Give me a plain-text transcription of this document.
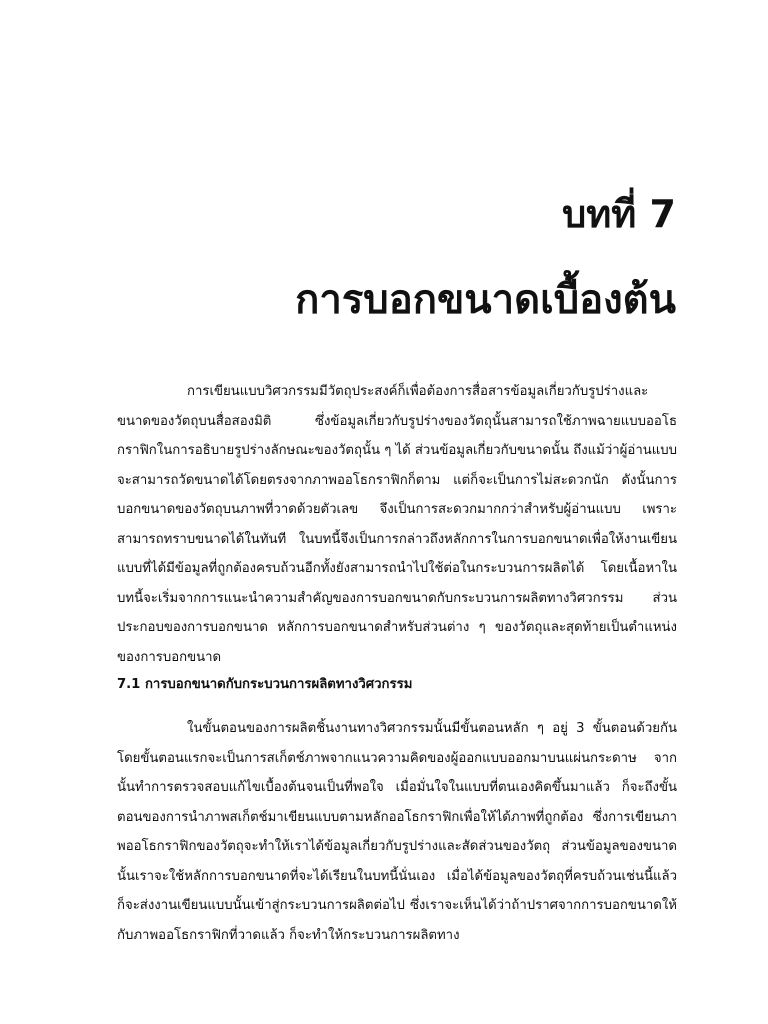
บทที่ 7
การบอกขนาดเบื้องต้น

การเขียนแบบวิศวกรรมมีวัตถุประสงค์ก็เพื่อต้องการสื่อสารข้อมูลเกี่ยวกับรูปร่างและขนาดของวัตถุบนสื่อสองมิติ ซึ่งข้อมูลเกี่ยวกับรูปร่างของวัตถุนั้นสามารถใช้ภาพฉายแบบออโธกราฟิกในการอธิบายรูปร่างลักษณะของวัตถุนั้น ๆ ได้ ส่วนข้อมูลเกี่ยวกับขนาดนั้น ถึงแม้ว่าผู้อ่านแบบจะสามารถวัดขนาดได้โดยตรงจากภาพออโธกราฟิกก็ตาม แต่ก็จะเป็นการไม่สะดวกนัก ดังนั้นการบอกขนาดของวัตถุบนภาพที่วาดด้วยตัวเลข จึงเป็นการสะดวกมากกว่าสำหรับผู้อ่านแบบ เพราะสามารถทราบขนาดได้ในทันที ในบทนี้จึงเป็นการกล่าวถึงหลักการในการบอกขนาดเพื่อให้งานเขียนแบบที่ได้มีข้อมูลที่ถูกต้องครบถ้วนอีกทั้งยังสามารถนำไปใช้ต่อในกระบวนการผลิตได้ โดยเนื้อหาในบทนี้จะเริ่มจากการแนะนำความสำคัญของการบอกขนาดกับกระบวนการผลิตทางวิศวกรรม ส่วนประกอบของการบอกขนาด หลักการบอกขนาดสำหรับส่วนต่าง ๆ ของวัตถุและสุดท้ายเป็นตำแหน่งของการบอกขนาด

7.1 การบอกขนาดกับกระบวนการผลิตทางวิศวกรรม

ในขั้นตอนของการผลิตชิ้นงานทางวิศวกรรมนั้นมีขั้นตอนหลัก ๆ อยู่ 3 ขั้นตอนด้วยกัน โดยขั้นตอนแรกจะเป็นการสเก็ตช์ภาพจากแนวความคิดของผู้ออกแบบออกมาบนแผ่นกระดาษ จากนั้นทำการตรวจสอบแก้ไขเบื้องต้นจนเป็นที่พอใจ เมื่อมั่นใจในแบบที่ตนเองคิดขึ้นมาแล้ว ก็จะถึงขั้นตอนของการนำภาพสเก็ตช์มาเขียนแบบตามหลักออโธกราฟิกเพื่อให้ได้ภาพที่ถูกต้อง ซึ่งการเขียนภาพออโธกราฟิกของวัตถุจะทำให้เราได้ข้อมูลเกี่ยวกับรูปร่างและสัดส่วนของวัตถุ ส่วนข้อมูลของขนาดนั้นเราจะใช้หลักการบอกขนาดที่จะได้เรียนในบทนี้นั่นเอง เมื่อได้ข้อมูลของวัตถุที่ครบถ้วนเช่นนี้แล้วก็จะส่งงานเขียนแบบนั้นเข้าสู่กระบวนการผลิตต่อไป ซึ่งเราจะเห็นได้ว่าถ้าปราศจากการบอกขนาดให้กับภาพออโธกราฟิกที่วาดแล้ว ก็จะทำให้กระบวนการผลิตทาง
